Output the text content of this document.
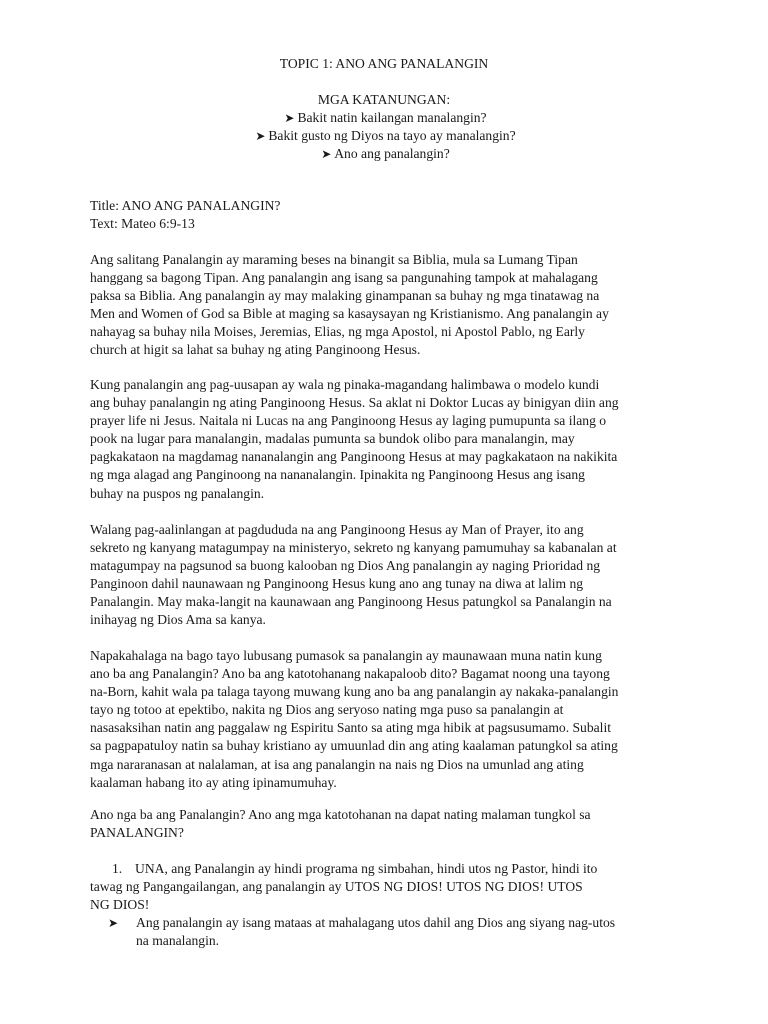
TOPIC 1: ANO ANG PANALANGIN
MGA KATANUNGAN:
➤ Bakit natin kailangan manalangin?
➤ Bakit gusto ng Diyos na tayo ay manalangin?
➤ Ano ang panalangin?
Title: ANO ANG PANALANGIN?
Text: Mateo 6:9-13
Ang salitang Panalangin ay maraming beses na binangit sa Biblia, mula sa Lumang Tipan
hanggang sa bagong Tipan. Ang panalangin ang isang sa pangunahing tampok at mahalagang
paksa sa Biblia. Ang panalangin ay may malaking ginampanan sa buhay ng mga tinatawag na
Men and Women of God sa Bible at maging sa kasaysayan ng Kristianismo. Ang panalangin ay
nahayag sa buhay nila Moises, Jeremias, Elias, ng mga Apostol, ni Apostol Pablo, ng Early
church at higit sa lahat sa buhay ng ating Panginoong Hesus.
Kung panalangin ang pag-uusapan ay wala ng pinaka-magandang halimbawa o modelo kundi
ang buhay panalangin ng ating Panginoong Hesus. Sa aklat ni Doktor Lucas ay binigyan diin ang
prayer life ni Jesus. Naitala ni Lucas na ang Panginoong Hesus ay laging pumupunta sa ilang o
pook na lugar para manalangin, madalas pumunta sa bundok olibo para manalangin, may
pagkakataon na magdamag nananalangin ang Panginoong Hesus at may pagkakataon na nakikita
ng mga alagad ang Panginoong na nananalangin. Ipinakita ng Panginoong Hesus ang isang
buhay na puspos ng panalangin.
Walang pag-aalinlangan at pagdududa na ang Panginoong Hesus ay Man of Prayer, ito ang
sekreto ng kanyang matagumpay na ministeryo, sekreto ng kanyang pamumuhay sa kabanalan at
matagumpay na pagsunod sa buong kalooban ng Dios Ang panalangin ay naging Prioridad ng
Panginoon dahil naunawaan ng Panginoong Hesus kung ano ang tunay na diwa at lalim ng
Panalangin. May maka-langit na kaunawaan ang Panginoong Hesus patungkol sa Panalangin na
inihayag ng Dios Ama sa kanya.
Napakahalaga na bago tayo lubusang pumasok sa panalangin ay maunawaan muna natin kung
ano ba ang Panalangin? Ano ba ang katotohanang nakapaloob dito? Bagamat noong una tayong
na-Born, kahit wala pa talaga tayong muwang kung ano ba ang panalangin ay nakaka-panalangin
tayo ng totoo at epektibo, nakita ng Dios ang seryoso nating mga puso sa panalangin at
nasasaksihan natin ang paggalaw ng Espiritu Santo sa ating mga hibik at pagsusumamo. Subalit
sa pagpapatuloy natin sa buhay kristiano ay umuunlad din ang ating kaalaman patungkol sa ating
mga nararanasan at nalalaman, at isa ang panalangin na nais ng Dios na umunlad ang ating
kaalaman habang ito ay ating ipinamumuhay.
Ano nga ba ang Panalangin? Ano ang mga katotohanan na dapat nating malaman tungkol sa
PANALANGIN?
1. UNA, ang Panalangin ay hindi programa ng simbahan, hindi utos ng Pastor, hindi ito
tawag ng Pangangailangan, ang panalangin ay UTOS NG DIOS! UTOS NG DIOS! UTOS
NG DIOS!
➤ Ang panalangin ay isang mataas at mahalagang utos dahil ang Dios ang siyang nag-utos
na manalangin.
